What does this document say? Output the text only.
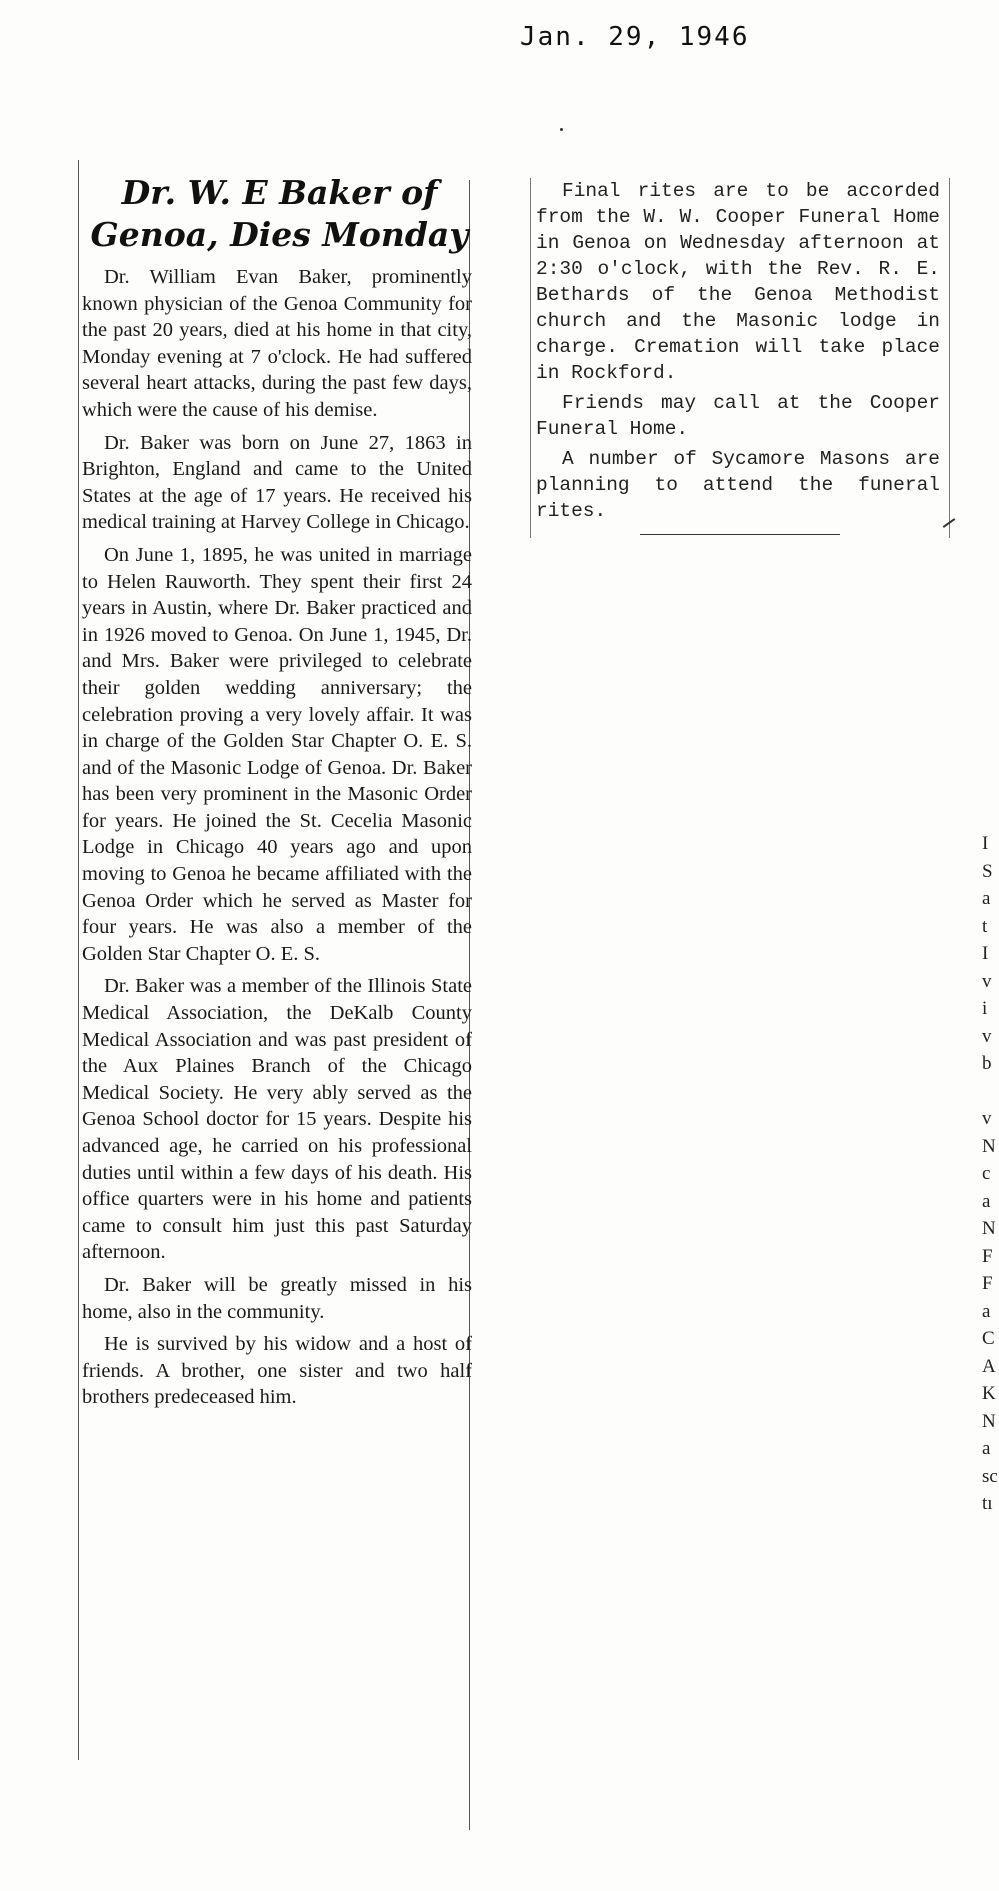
Jan. 29, 1946
Dr. W. E Baker of Genoa, Dies Monday

Dr. William Evan Baker, prominently known physician of the Genoa Community for the past 20 years, died at his home in that city, Monday evening at 7 o'clock. He had suffered several heart attacks, during the past few days, which were the cause of his demise.

Dr. Baker was born on June 27, 1863 in Brighton, England and came to the United States at the age of 17 years. He received his medical training at Harvey College in Chicago.

On June 1, 1895, he was united in marriage to Helen Rauworth. They spent their first 24 years in Austin, where Dr. Baker practiced and in 1926 moved to Genoa. On June 1, 1945, Dr. and Mrs. Baker were privileged to celebrate their golden wedding anniversary; the celebration proving a very lovely affair. It was in charge of the Golden Star Chapter O. E. S. and of the Masonic Lodge of Genoa. Dr. Baker has been very prominent in the Masonic Order for years. He joined the St. Cecelia Masonic Lodge in Chicago 40 years ago and upon moving to Genoa he became affiliated with the Genoa Order which he served as Master for four years. He was also a member of the Golden Star Chapter O. E. S.

Dr. Baker was a member of the Illinois State Medical Association, the DeKalb County Medical Association and was past president of the Aux Plaines Branch of the Chicago Medical Society. He very ably served as the Genoa School doctor for 15 years. Despite his advanced age, he carried on his professional duties until within a few days of his death. His office quarters were in his home and patients came to consult him just this past Saturday afternoon.

Dr. Baker will be greatly missed in his home, also in the community.

He is survived by his widow and a host of friends. A brother, one sister and two half brothers predeceased him.

Final rites are to be accorded from the W. W. Cooper Funeral Home in Genoa on Wednesday afternoon at 2:30 o'clock, with the Rev. R. E. Bethards of the Genoa Methodist church and the Masonic lodge in charge. Cremation will take place in Rockford.

Friends may call at the Cooper Funeral Home.

A number of Sycamore Masons are planning to attend the funeral rites.

I
S
a
t
I
v
i
v
b

v
N
c
a
N
F
F
a
C
A
K
N
a
sc
tı
